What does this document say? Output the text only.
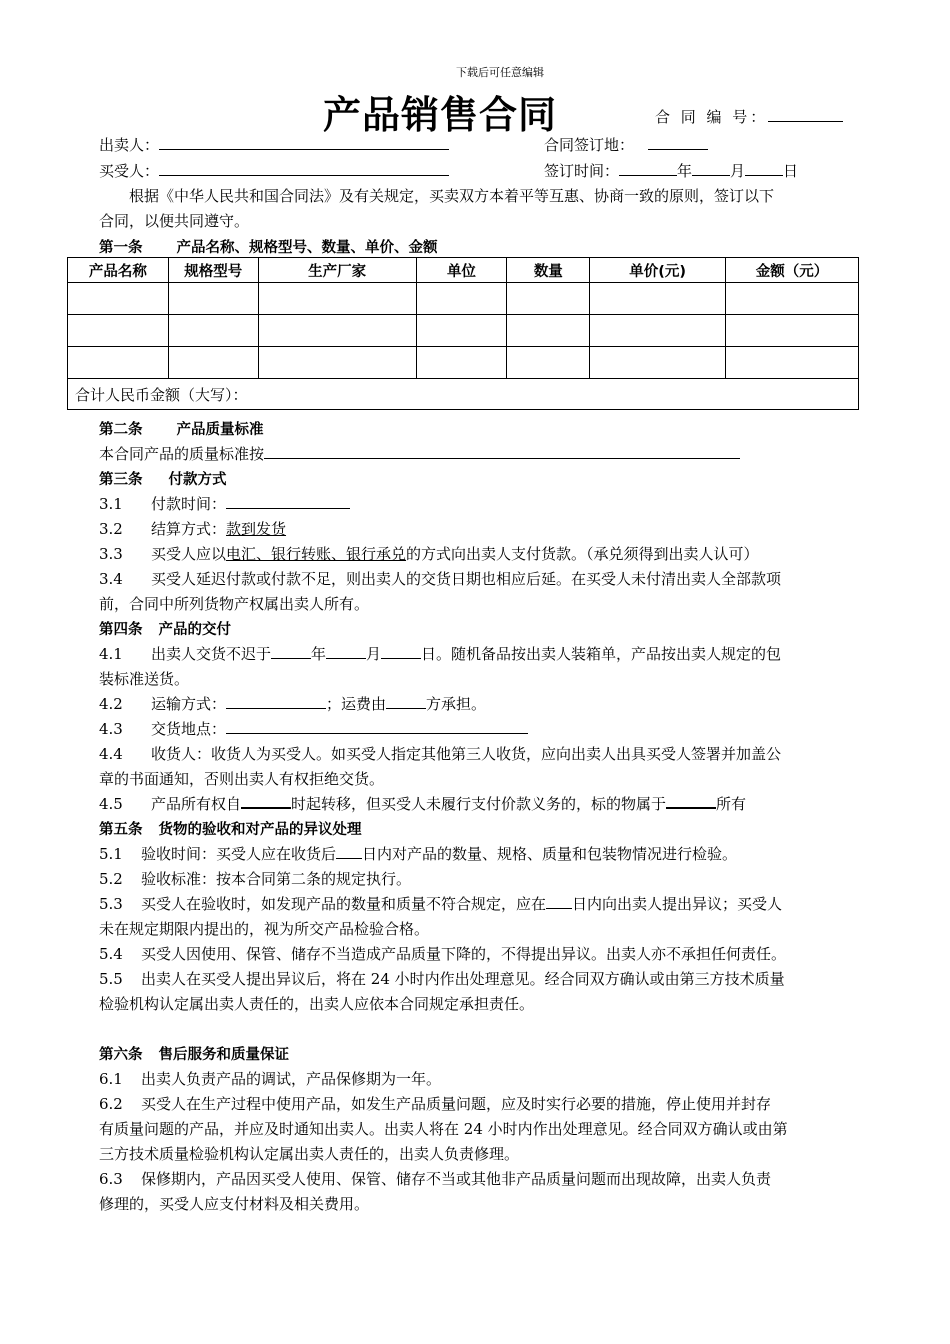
下载后可任意编辑
产品销售合同	合 同 编 号：
出卖人：	合同签订地：
买受人：	签订时间：	年	月	日
根据《中华人民共和国合同法》及有关规定，买卖双方本着平等互惠、协商一致的原则，签订以下
合同，以便共同遵守。
第一条 产品名称、规格型号、数量、单价、金额
产品名称	规格型号	生产厂家	单位	数量	单价(元)	金额（元）

合计人民币金额（大写）：						
第二条 产品质量标准
本合同产品的质量标准按
第三条 付款方式
3.1 付款时间：
3.2 结算方式：款到发货
3.3 买受人应以电汇、银行转账、银行承兑的方式向出卖人支付货款。（承兑须得到出卖人认可）
3.4 买受人延迟付款或付款不足，则出卖人的交货日期也相应后延。在买受人未付清出卖人全部款项
前，合同中所列货物产权属出卖人所有。
第四条 产品的交付
4.1 出卖人交货不迟于	年	月	日。随机备品按出卖人装箱单，产品按出卖人规定的包
装标准送货。
4.2 运输方式：	；运费由	方承担。
4.3 交货地点：
4.4 收货人：收货人为买受人。如买受人指定其他第三人收货，应向出卖人出具买受人签署并加盖公
章的书面通知，否则出卖人有权拒绝交货。
4.5 产品所有权自	时起转移，但买受人未履行支付价款义务的，标的物属于	所有
第五条 货物的验收和对产品的异议处理
5.1 验收时间：买受人应在收货后 日内对产品的数量、规格、质量和包装物情况进行检验。
5.2 验收标准：按本合同第二条的规定执行。
5.3 买受人在验收时，如发现产品的数量和质量不符合规定，应在 日内向出卖人提出异议；买受人
未在规定期限内提出的，视为所交产品检验合格。
5.4 买受人因使用、保管、储存不当造成产品质量下降的，不得提出异议。出卖人亦不承担任何责任。
5.5 出卖人在买受人提出异议后，将在 24 小时内作出处理意见。经合同双方确认或由第三方技术质量
检验机构认定属出卖人责任的，出卖人应依本合同规定承担责任。
第六条 售后服务和质量保证
6.1 出卖人负责产品的调试，产品保修期为一年。
6.2 买受人在生产过程中使用产品，如发生产品质量问题，应及时实行必要的措施，停止使用并封存
有质量问题的产品，并应及时通知出卖人。出卖人将在 24 小时内作出处理意见。经合同双方确认或由第
三方技术质量检验机构认定属出卖人责任的，出卖人负责修理。
6.3 保修期内，产品因买受人使用、保管、储存不当或其他非产品质量问题而出现故障，出卖人负责
修理的，买受人应支付材料及相关费用。
